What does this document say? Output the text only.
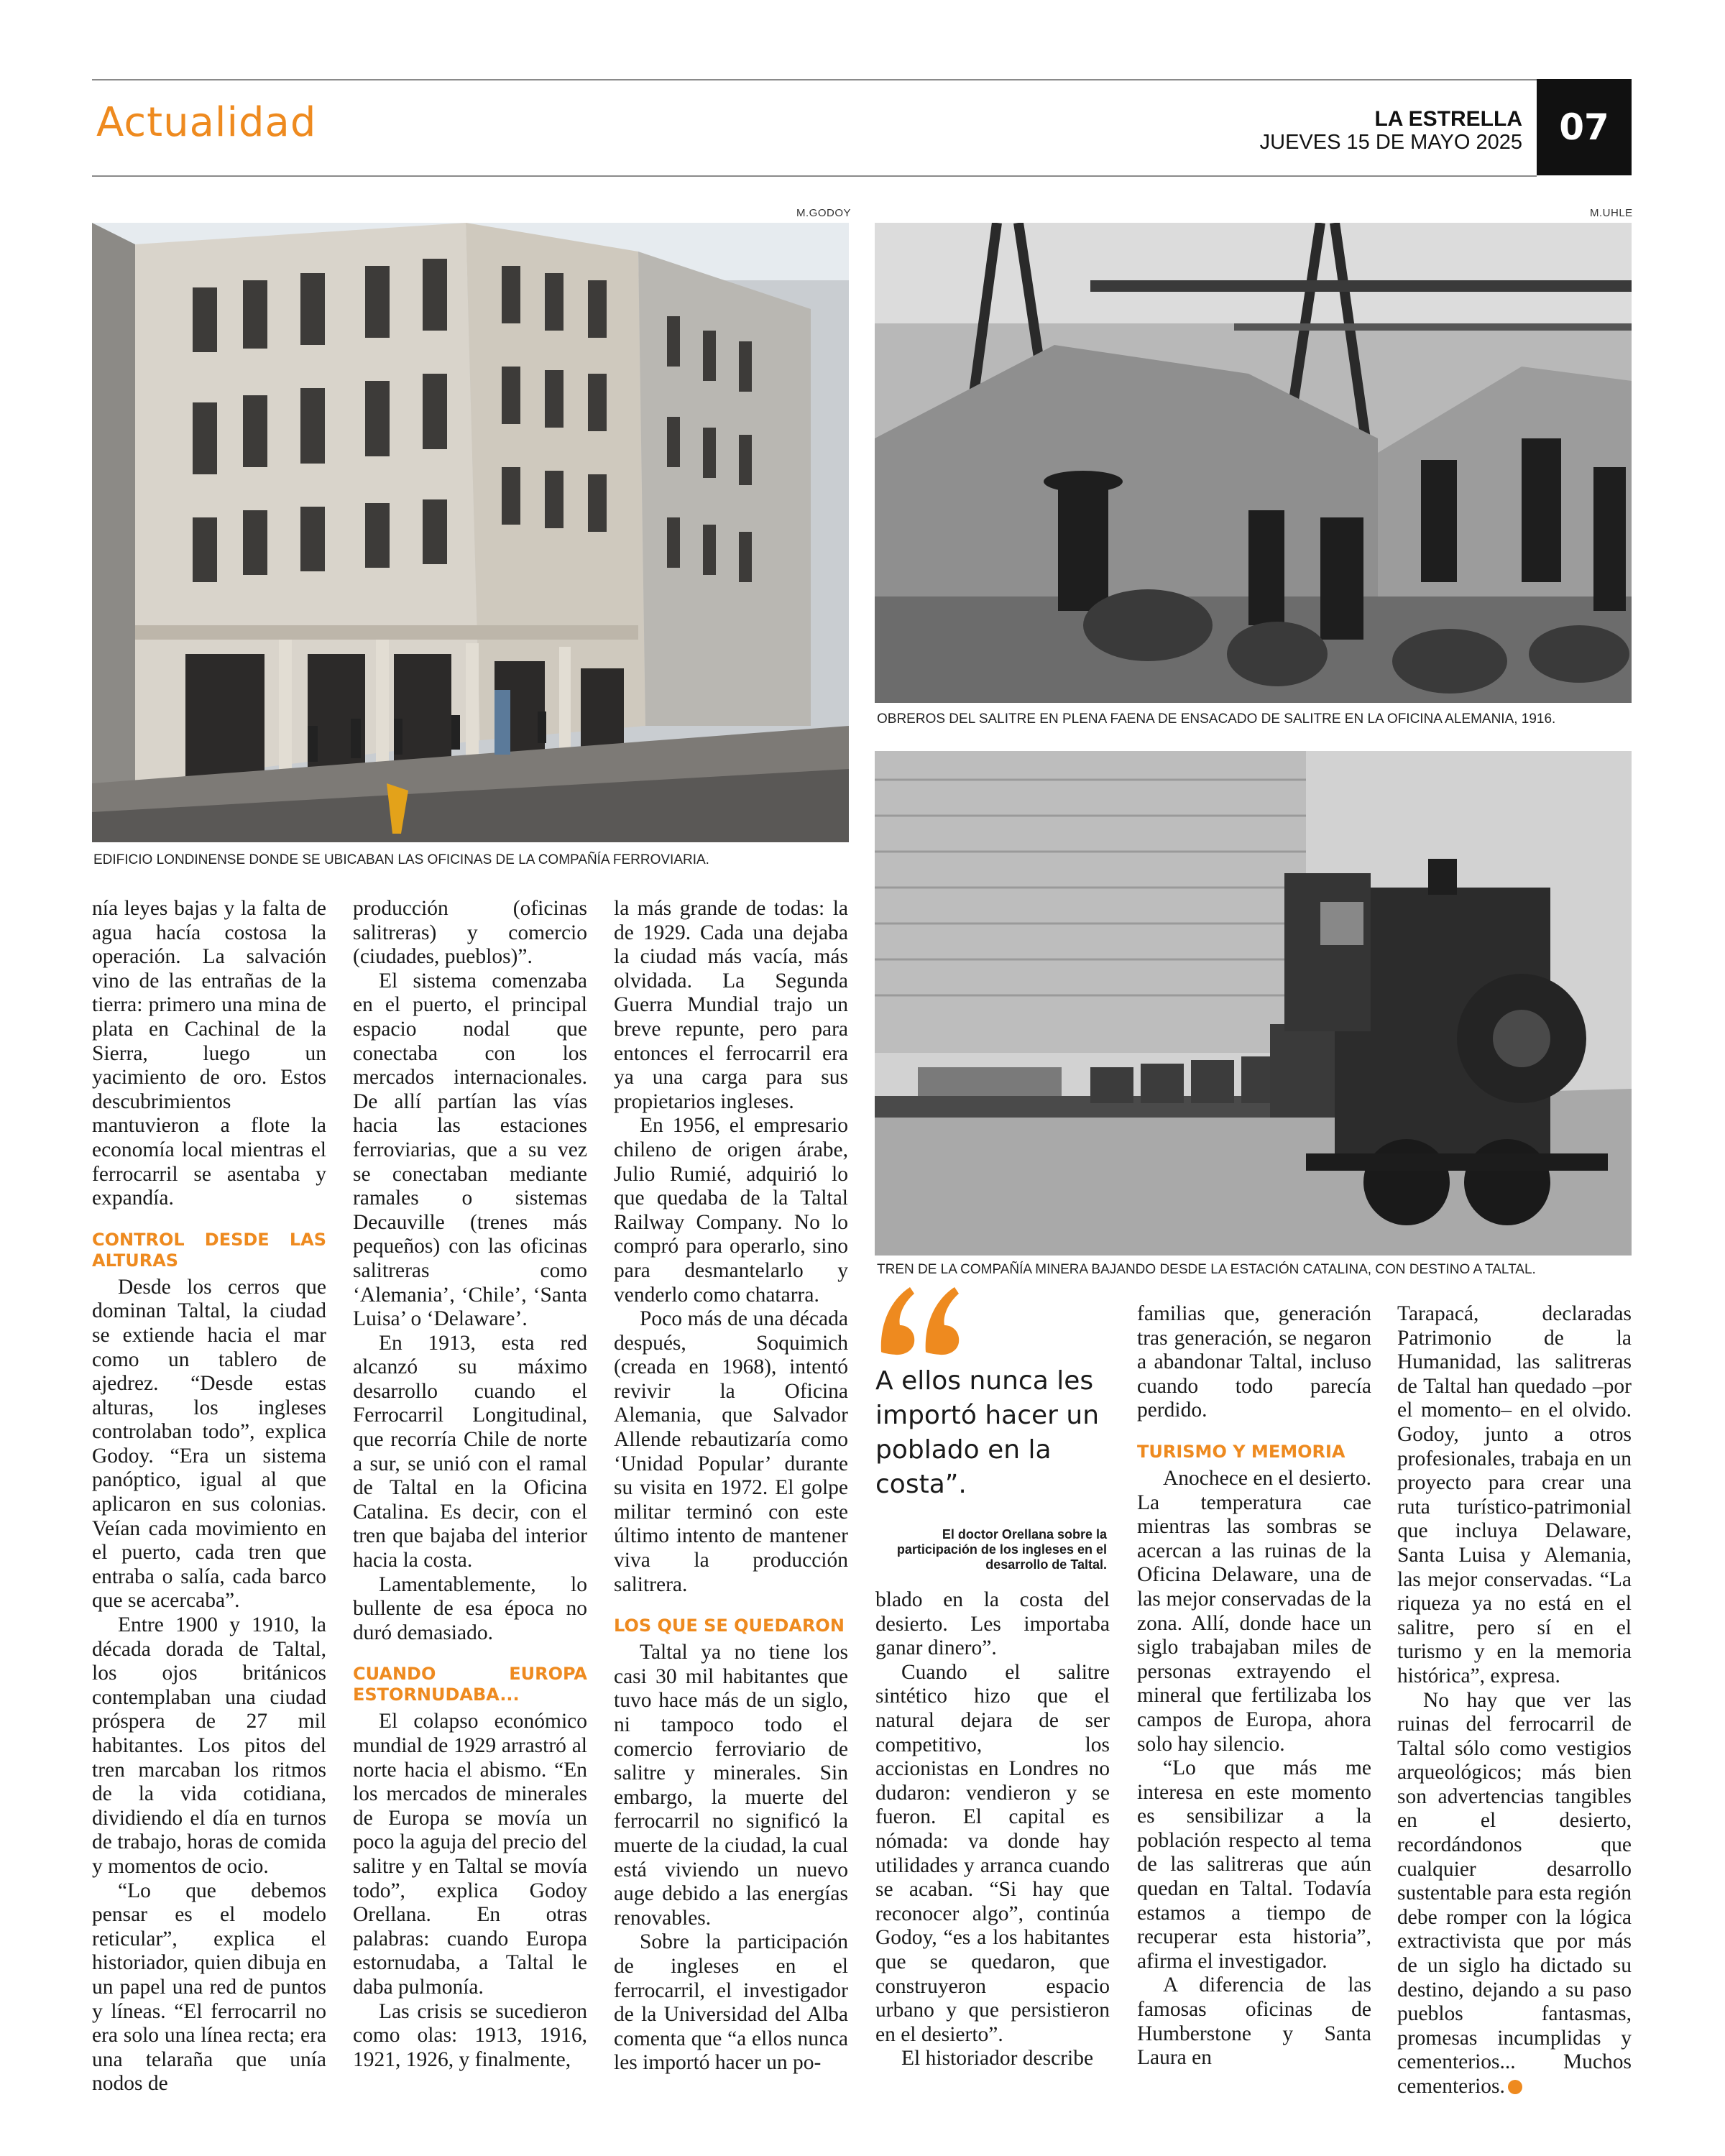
Actualidad	LA ESTRELLA
JUEVES 15 DE MAYO 2025	07
M.GODOY
EDIFICIO LONDINENSE DONDE SE UBICABAN LAS OFICINAS DE LA COMPAÑÍA FERROVIARIA.
M.UHLE
OBREROS DEL SALITRE EN PLENA FAENA DE ENSACADO DE SALITRE EN LA OFICINA ALEMANIA, 1916.
TREN DE LA COMPAÑÍA MINERA BAJANDO DESDE LA ESTACIÓN CATALINA, CON DESTINO A TALTAL.

nía leyes bajas y la falta de agua hacía costosa la operación. La salvación vino de las entrañas de la tierra: primero una mina de plata en Cachinal de la Sierra, luego un yacimiento de oro. Estos descubrimientos mantuvieron a flote la economía local mientras el ferrocarril se asentaba y expandía.

CONTROL DESDE LAS ALTURAS

Desde los cerros que dominan Taltal, la ciudad se extiende hacia el mar como un tablero de ajedrez. “Desde estas alturas, los ingleses controlaban todo”, explica Godoy. “Era un sistema panóptico, igual al que aplicaron en sus colonias. Veían cada movimiento en el puerto, cada tren que entraba o salía, cada barco que se acercaba”.

Entre 1900 y 1910, la década dorada de Taltal, los ojos británicos contemplaban una ciudad próspera de 27 mil habitantes. Los pitos del tren marcaban los ritmos de la vida cotidiana, dividiendo el día en turnos de trabajo, horas de comida y momentos de ocio.

“Lo que debemos pensar es el modelo reticular”, explica el historiador, quien dibuja en un papel una red de puntos y líneas. “El ferrocarril no era solo una línea recta; era una telaraña que unía nodos de

producción (oficinas salitreras) y comercio (ciudades, pueblos)”.

El sistema comenzaba en el puerto, el principal espacio nodal que conectaba con los mercados internacionales. De allí partían las vías hacia las estaciones ferroviarias, que a su vez se conectaban mediante ramales o sistemas Decauville (trenes más pequeños) con las oficinas salitreras como ‘Alemania’, ‘Chile’, ‘Santa Luisa’ o ‘Delaware’.

En 1913, esta red alcanzó su máximo desarrollo cuando el Ferrocarril Longitudinal, que recorría Chile de norte a sur, se unió con el ramal de Taltal en la Oficina Catalina. Es decir, con el tren que bajaba del interior hacia la costa.

Lamentablemente, lo bullente de esa época no duró demasiado.

CUANDO EUROPA ESTORNUDABA...

El colapso económico mundial de 1929 arrastró al norte hacia el abismo. “En los mercados de minerales de Europa se movía un poco la aguja del precio del salitre y en Taltal se movía todo”, explica Godoy Orellana. En otras palabras: cuando Europa estornudaba, a Taltal le daba pulmonía.

Las crisis se sucedieron como olas: 1913, 1916, 1921, 1926, y finalmente,

la más grande de todas: la de 1929. Cada una dejaba la ciudad más vacía, más olvidada. La Segunda Guerra Mundial trajo un breve repunte, pero para entonces el ferrocarril era ya una carga para sus propietarios ingleses.

En 1956, el empresario chileno de origen árabe, Julio Rumié, adquirió lo que quedaba de la Taltal Railway Company. No lo compró para operarlo, sino para desmantelarlo y venderlo como chatarra.

Poco más de una década después, Soquimich (creada en 1968), intentó revivir la Oficina Alemania, que Salvador Allende rebautizaría como ‘Unidad Popular’ durante su visita en 1972. El golpe militar terminó con este último intento de mantener viva la producción salitrera.

LOS QUE SE QUEDARON

Taltal ya no tiene los casi 30 mil habitantes que tuvo hace más de un siglo, ni tampoco todo el comercio ferroviario de salitre y minerales. Sin embargo, la muerte del ferrocarril no significó la muerte de la ciudad, la cual está viviendo un nuevo auge debido a las energías renovables.

Sobre la participación de ingleses en el ferrocarril, el investigador de la Universidad del Alba comenta que “a ellos nunca les importó hacer un po-

A ellos nunca les importó hacer un poblado en la costa”.
El doctor Orellana sobre la participación de los ingleses en el desarrollo de Taltal.

blado en la costa del desierto. Les importaba ganar dinero”.

Cuando el salitre sintético hizo que el natural dejara de ser competitivo, los accionistas en Londres no dudaron: vendieron y se fueron. El capital es nómada: va donde hay utilidades y arranca cuando se acaban. “Si hay que reconocer algo”, continúa Godoy, “es a los habitantes que se quedaron, que construyeron espacio urbano y que persistieron en el desierto”.

El historiador describe

familias que, generación tras generación, se negaron a abandonar Taltal, incluso cuando todo parecía perdido.

TURISMO Y MEMORIA

Anochece en el desierto. La temperatura cae mientras las sombras se acercan a las ruinas de la Oficina Delaware, una de las mejor conservadas de la zona. Allí, donde hace un siglo trabajaban miles de personas extrayendo el mineral que fertilizaba los campos de Europa, ahora solo hay silencio.

“Lo que más me interesa en este momento es sensibilizar a la población respecto al tema de las salitreras que aún quedan en Taltal. Todavía estamos a tiempo de recuperar esta historia”, afirma el investigador.

A diferencia de las famosas oficinas de Humberstone y Santa Laura en

Tarapacá, declaradas Patrimonio de la Humanidad, las salitreras de Taltal han quedado –por el momento– en el olvido. Godoy, junto a otros profesionales, trabaja en un proyecto para crear una ruta turístico-patrimonial que incluya Delaware, Santa Luisa y Alemania, las mejor conservadas. “La riqueza ya no está en el salitre, pero sí en el turismo y en la memoria histórica”, expresa.

No hay que ver las ruinas del ferrocarril de Taltal sólo como vestigios arqueológicos; más bien son advertencias tangibles en el desierto, recordándonos que cualquier desarrollo sustentable para esta región debe romper con la lógica extractivista que por más de un siglo ha dictado su destino, dejando a su paso pueblos fantasmas, promesas incumplidas y cementerios... Muchos cementerios.
